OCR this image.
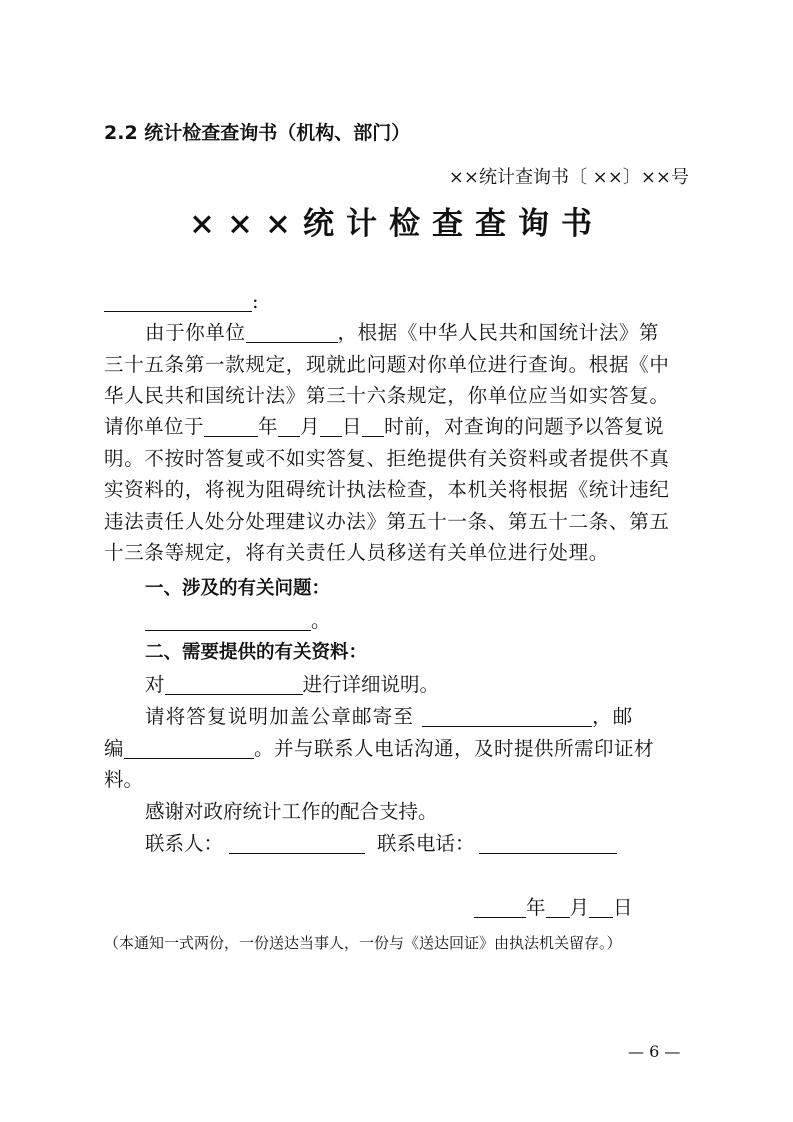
2.2 统计检查查询书（机构、部门）
××统计查询书〔 ××〕××号
×××统计检查查询书
:
由于你单位	，根据《中华人民共和国统计法》第
三十五条第一款规定，现就此问题对你单位进行查询。根据《中
华人民共和国统计法》第三十六条规定，你单位应当如实答复。
请你单位于	年 月 日 时前，对查询的问题予以答复说
明。不按时答复或不如实答复、拒绝提供有关资料或者提供不真
实资料的，将视为阻碍统计执法检查，本机关将根据《统计违纪
违法责任人处分处理建议办法》第五十一条、第五十二条、第五
十三条等规定，将有关责任人员移送有关单位进行处理。
一、涉及的有关问题：
。
二、需要提供的有关资料：
对	进行详细说明。
请将答复说明加盖公章邮寄至	，邮
编	。并与联系人电话沟通，及时提供所需印证材
料。
感谢对政府统计工作的配合支持。
联系人：	联系电话：
年 月 日
（本通知一式两份，一份送达当事人，一份与《送达回证》由执法机关留存。）
— 6 —
